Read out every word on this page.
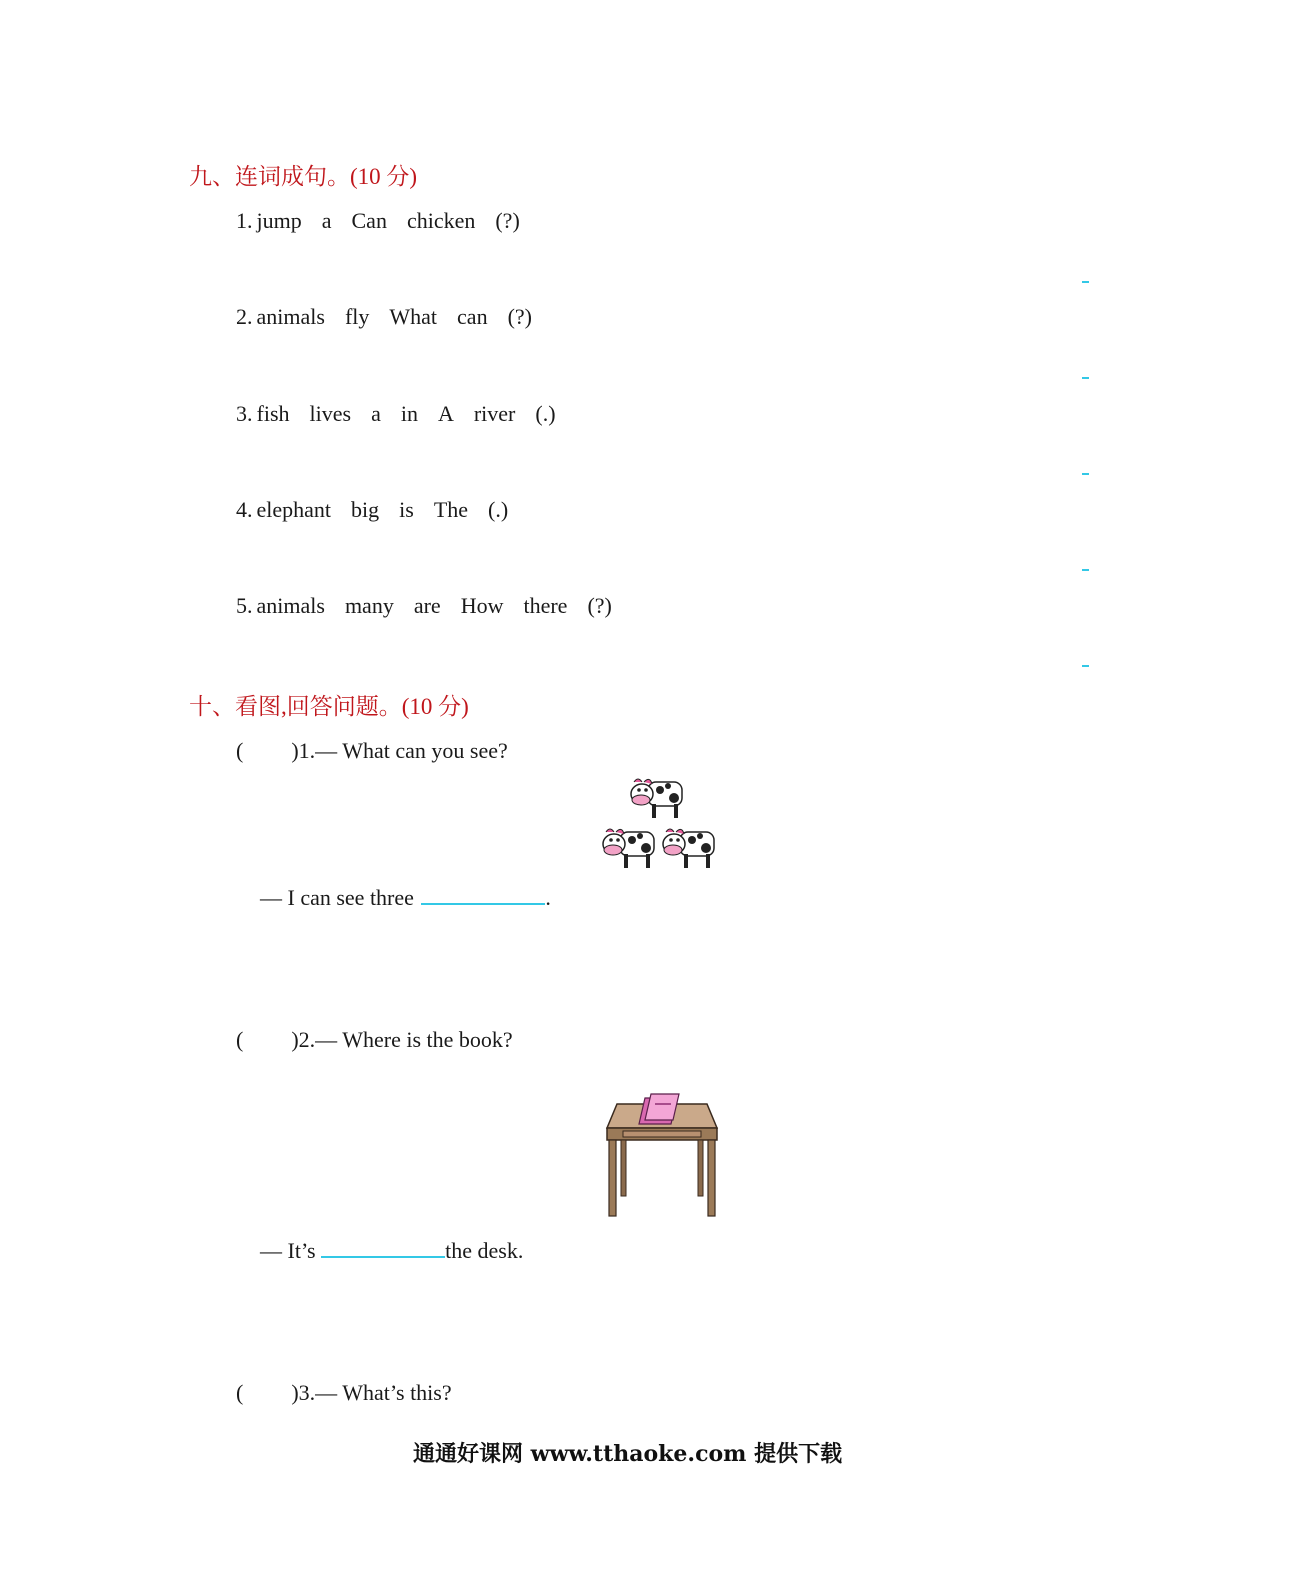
九、连词成句。(10 分)
1. jump a Can chicken (?)
2. animals fly What can (?)
3. fish lives a in A river (.)
4. elephant big is The (.)
5. animals many are How there (?)
十、看图,回答问题。(10 分)
( )1.— What can you see?
— I can see three	.
( )2.— Where is the book?
— It’s	the desk.
( )3.— What’s this?
通通好课网 www.tthaoke.com 提供下载
